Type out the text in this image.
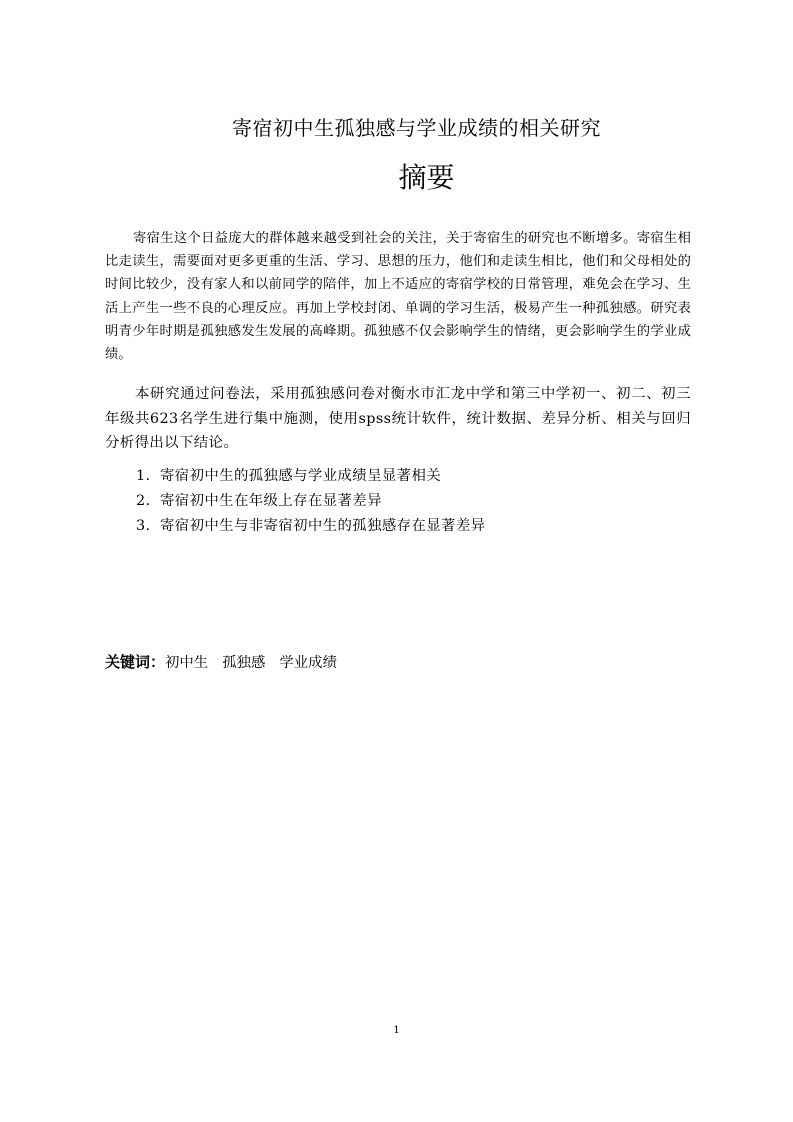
寄宿初中生孤独感与学业成绩的相关研究
摘要

寄宿生这个日益庞大的群体越来越受到社会的关注，关于寄宿生的研究也不断增多。寄宿生相比走读生，需要面对更多更重的生活、学习、思想的压力，他们和走读生相比，他们和父母相处的时间比较少，没有家人和以前同学的陪伴，加上不适应的寄宿学校的日常管理，难免会在学习、生活上产生一些不良的心理反应。再加上学校封闭、单调的学习生活，极易产生一种孤独感。研究表明青少年时期是孤独感发生发展的高峰期。孤独感不仅会影响学生的情绪，更会影响学生的学业成绩。

本研究通过问卷法，采用孤独感问卷对衡水市汇龙中学和第三中学初一、初二、初三年级共623名学生进行集中施测，使用spss统计软件，统计数据、差异分析、相关与回归分析得出以下结论。

1. 寄宿初中生的孤独感与学业成绩呈显著相关
2. 寄宿初中生在年级上存在显著差异
3. 寄宿初中生与非寄宿初中生的孤独感存在显著差异
关键词：初中生 孤独感 学业成绩
1
